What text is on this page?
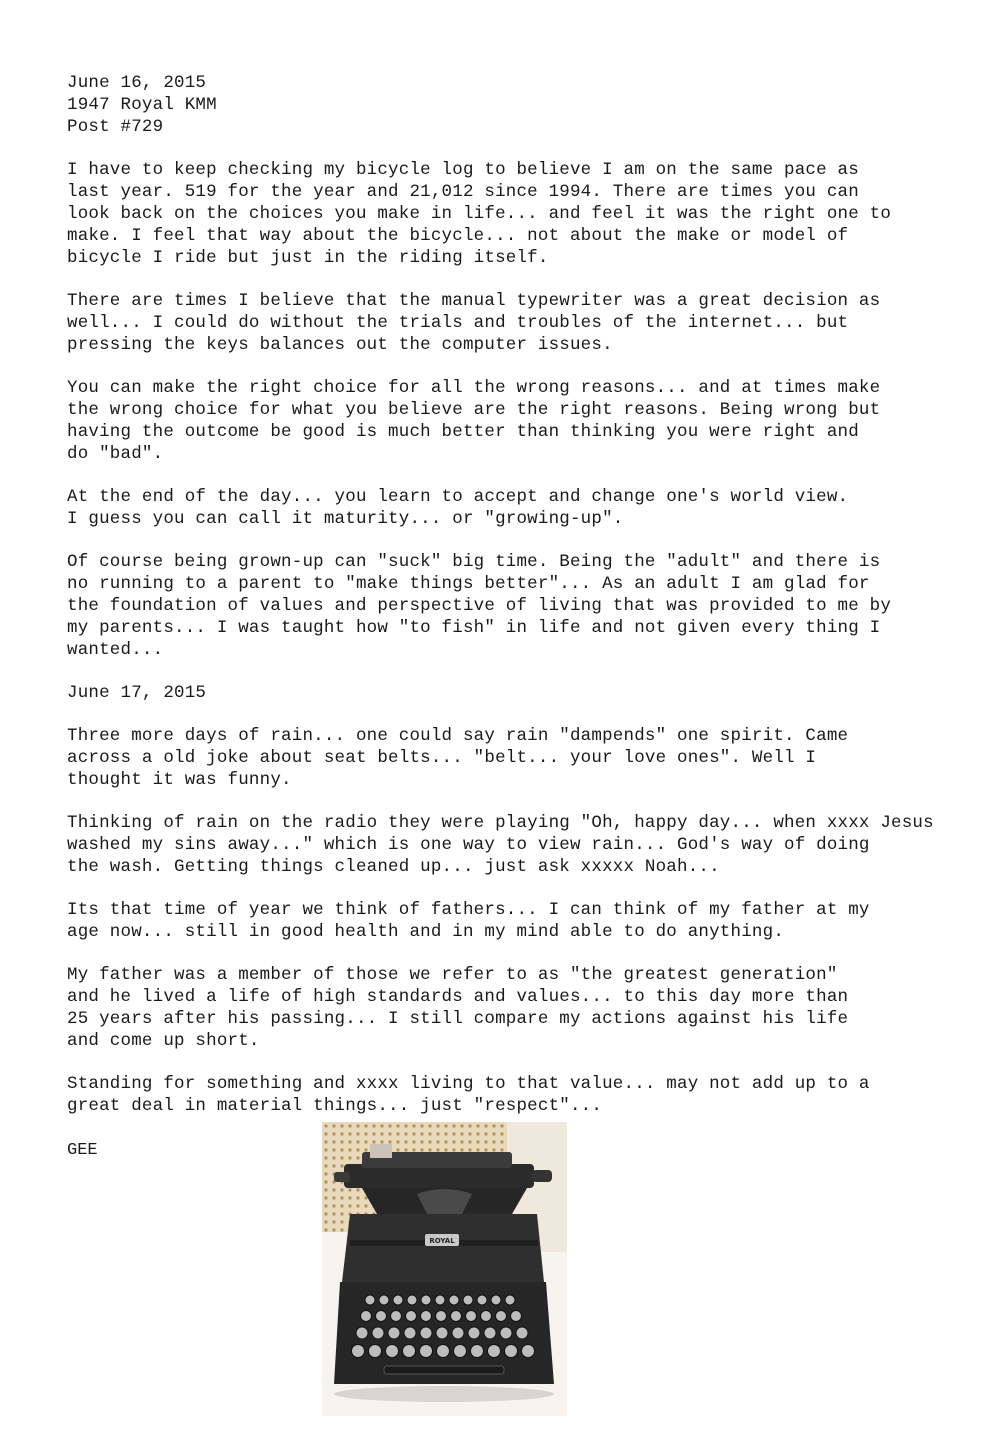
June 16, 2015
1947 Royal KMM
Post #729
I have to keep checking my bicycle log to believe I am on the same pace as
last year. 519 for the year and 21,012 since 1994. There are times you can
look back on the choices you make in life... and feel it was the right one to
make. I feel that way about the bicycle... not about the make or model of
bicycle I ride but just in the riding itself.
There are times I believe that the manual typewriter was a great decision as
well... I could do without the trials and troubles of the internet... but
pressing the keys balances out the computer issues.
You can make the right choice for all the wrong reasons... and at times make
the wrong choice for what you believe are the right reasons. Being wrong but
having the outcome be good is much better than thinking you were right and
do "bad".
At the end of the day... you learn to accept and change one's world view.
I guess you can call it maturity... or "growing-up".
Of course being grown-up can "suck" big time. Being the "adult" and there is
no running to a parent to "make things better"... As an adult I am glad for
the foundation of values and perspective of living that was provided to me by
my parents... I was taught how "to fish" in life and not given every thing I
wanted...
June 17, 2015
Three more days of rain... one could say rain "dampends" one spirit. Came
across a old joke about seat belts... "belt... your love ones". Well I
thought it was funny.
Thinking of rain on the radio they were playing "Oh, happy day... when xxxx Jesus
washed my sins away..." which is one way to view rain... God's way of doing
the wash. Getting things cleaned up... just ask xxxxx Noah...
Its that time of year we think of fathers... I can think of my father at my
age now... still in good health and in my mind able to do anything.
My father was a member of those we refer to as "the greatest generation"
and he lived a life of high standards and values... to this day more than
25 years after his passing... I still compare my actions against his life
and come up short.
Standing for something and xxxx living to that value... may not add up to a
great deal in material things... just "respect"...
GEE
ROYAL
